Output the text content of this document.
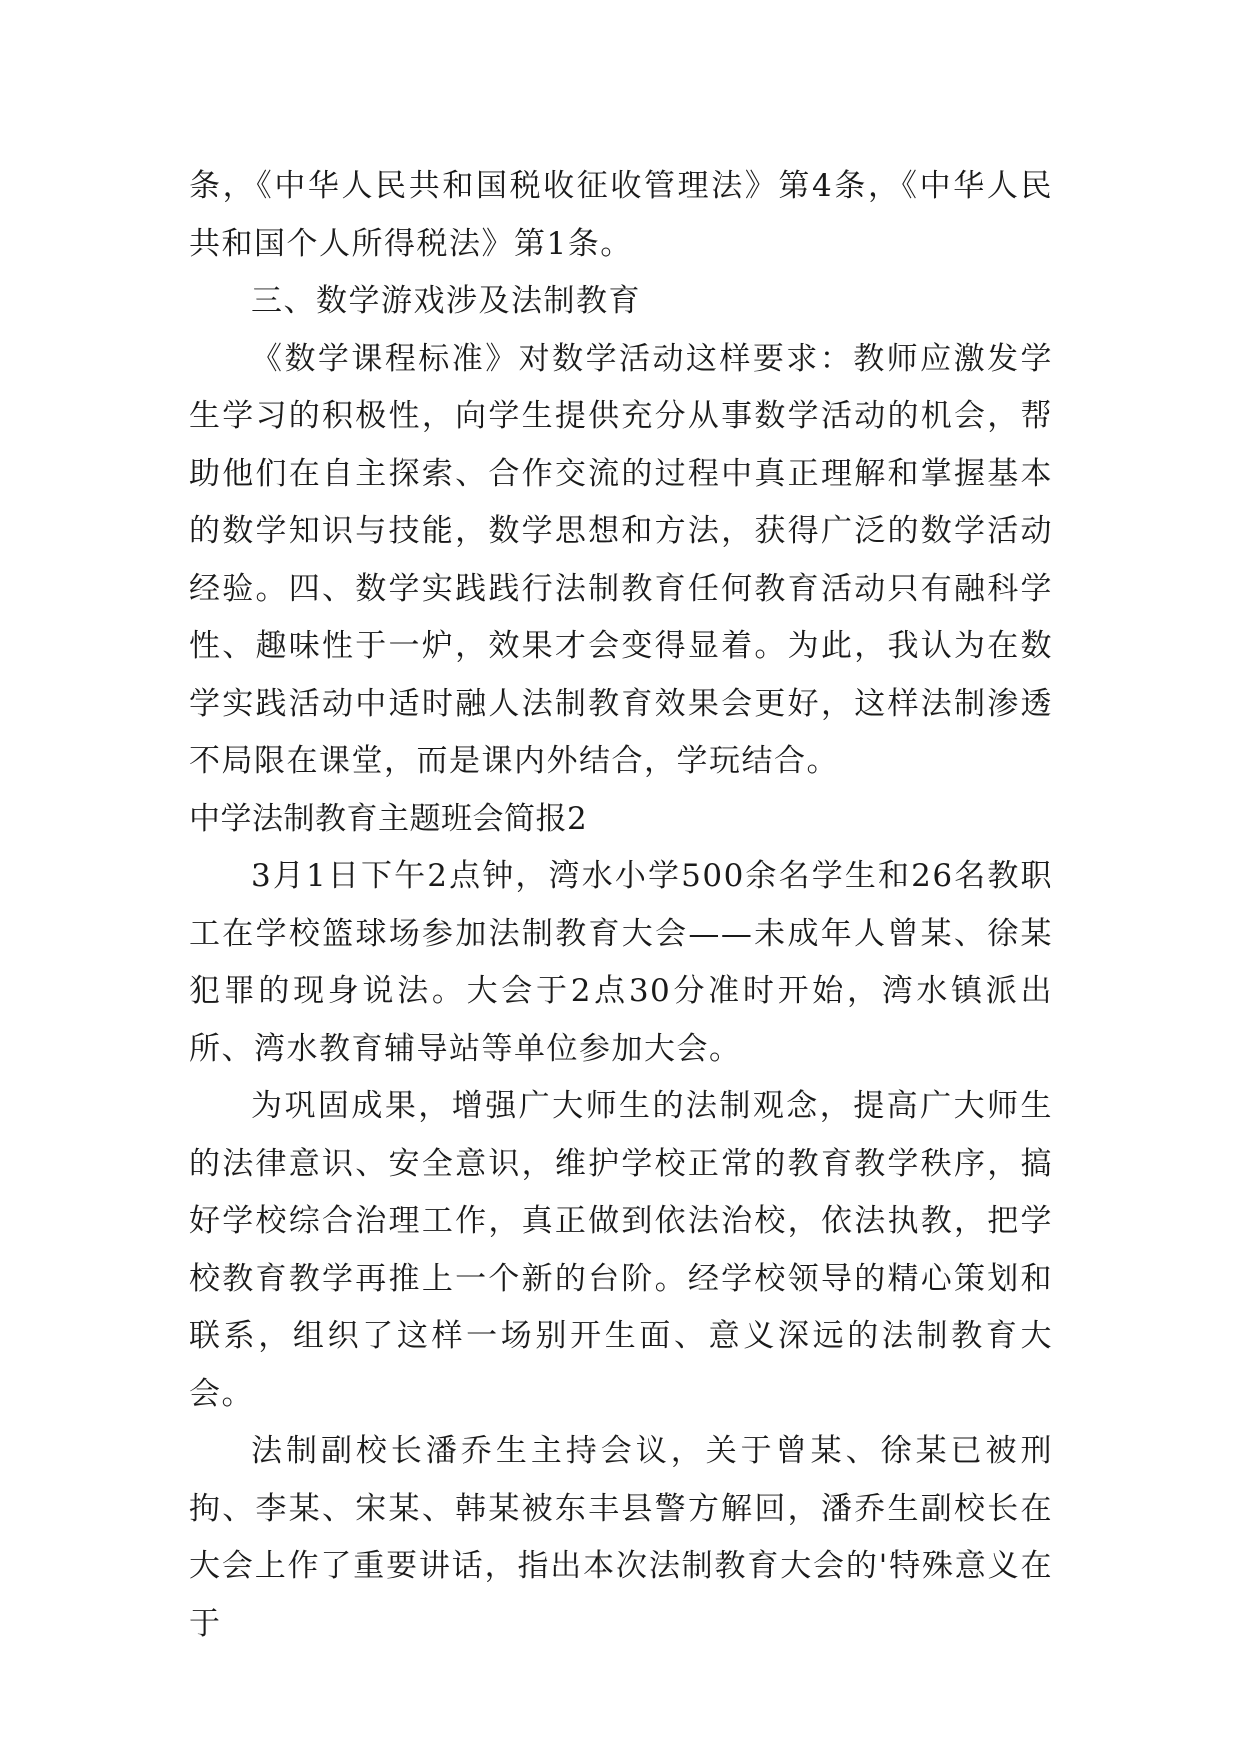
条，《中华人民共和国税收征收管理法》第4条，《中华人民共和国个人所得税法》第1条。

三、数学游戏涉及法制教育

《数学课程标准》对数学活动这样要求：教师应激发学生学习的积极性，向学生提供充分从事数学活动的机会，帮助他们在自主探索、合作交流的过程中真正理解和掌握基本的数学知识与技能，数学思想和方法，获得广泛的数学活动经验。四、数学实践践行法制教育任何教育活动只有融科学性、趣味性于一炉，效果才会变得显着。为此，我认为在数学实践活动中适时融人法制教育效果会更好，这样法制渗透不局限在课堂，而是课内外结合，学玩结合。

中学法制教育主题班会简报2

3月1日下午2点钟，湾水小学500余名学生和26名教职工在学校篮球场参加法制教育大会——未成年人曾某、徐某犯罪的现身说法。大会于2点30分准时开始，湾水镇派出所、湾水教育辅导站等单位参加大会。

为巩固成果，增强广大师生的法制观念，提高广大师生的法律意识、安全意识，维护学校正常的教育教学秩序，搞好学校综合治理工作，真正做到依法治校，依法执教，把学校教育教学再推上一个新的台阶。经学校领导的精心策划和联系，组织了这样一场别开生面、意义深远的法制教育大会。

法制副校长潘乔生主持会议，关于曾某、徐某已被刑拘、李某、宋某、韩某被东丰县警方解回，潘乔生副校长在大会上作了重要讲话，指出本次法制教育大会的'特殊意义在于
